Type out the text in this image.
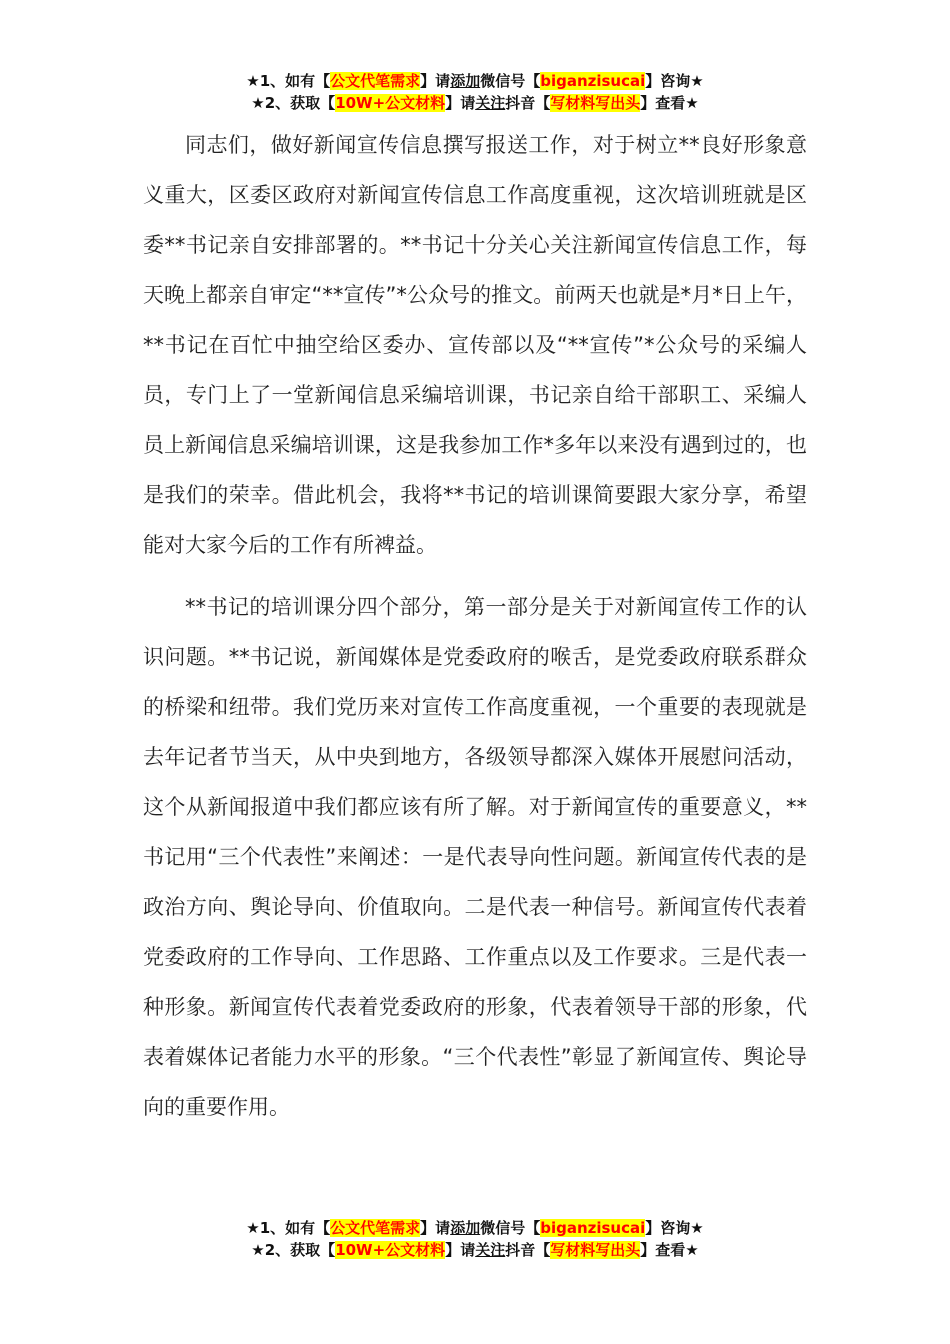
★1、如有【公文代笔需求】请添加微信号【biganzisucai】咨询★
★2、获取【10W+公文材料】请关注抖音【写材料写出头】查看★

同志们，做好新闻宣传信息撰写报送工作，对于树立**良好形象意义重大，区委区政府对新闻宣传信息工作高度重视，这次培训班就是区委**书记亲自安排部署的。**书记十分关心关注新闻宣传信息工作，每天晚上都亲自审定“**宣传”*公众号的推文。前两天也就是*月*日上午，**书记在百忙中抽空给区委办、宣传部以及“**宣传”*公众号的采编人员，专门上了一堂新闻信息采编培训课，书记亲自给干部职工、采编人员上新闻信息采编培训课，这是我参加工作*多年以来没有遇到过的，也是我们的荣幸。借此机会，我将**书记的培训课简要跟大家分享，希望能对大家今后的工作有所裨益。

**书记的培训课分四个部分，第一部分是关于对新闻宣传工作的认识问题。**书记说，新闻媒体是党委政府的喉舌，是党委政府联系群众的桥梁和纽带。我们党历来对宣传工作高度重视，一个重要的表现就是去年记者节当天，从中央到地方，各级领导都深入媒体开展慰问活动，这个从新闻报道中我们都应该有所了解。对于新闻宣传的重要意义，**书记用“三个代表性”来阐述：一是代表导向性问题。新闻宣传代表的是政治方向、舆论导向、价值取向。二是代表一种信号。新闻宣传代表着党委政府的工作导向、工作思路、工作重点以及工作要求。三是代表一种形象。新闻宣传代表着党委政府的形象，代表着领导干部的形象，代表着媒体记者能力水平的形象。“三个代表性”彰显了新闻宣传、舆论导向的重要作用。

★1、如有【公文代笔需求】请添加微信号【biganzisucai】咨询★
★2、获取【10W+公文材料】请关注抖音【写材料写出头】查看★
